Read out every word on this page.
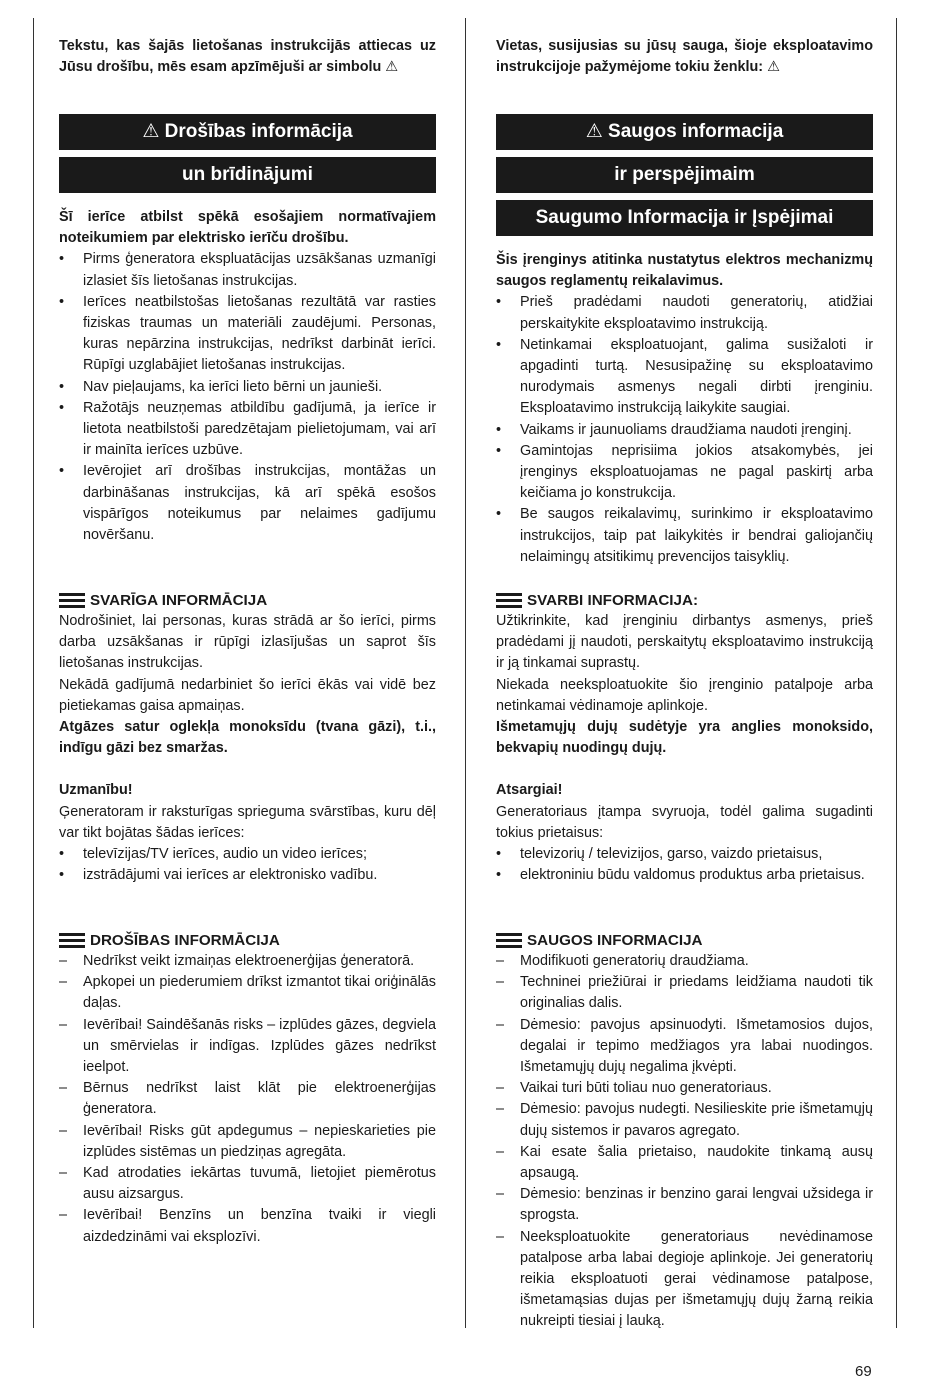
Tekstu, kas šajās lietošanas instrukcijās attiecas uz Jūsu drošību, mēs esam apzīmējuši ar simbolu ⚠

⚠ Drošības informācija
un brīdinājumi

Šī ierīce atbilst spēkā esošajiem normatīvajiem noteikumiem par elektrisko ierīču drošību.

• Pirms ģeneratora ekspluatācijas uzsākšanas uzmanīgi izlasiet šīs lietošanas instrukcijas.
• Ierīces neatbilstošas lietošanas rezultātā var rasties fiziskas traumas un materiāli zaudējumi. Personas, kuras nepārzina instrukcijas, nedrīkst darbināt ierīci. Rūpīgi uzglabājiet lietošanas instrukcijas.
• Nav pieļaujams, ka ierīci lieto bērni un jaunieši.
• Ražotājs neuzņemas atbildību gadījumā, ja ierīce ir lietota neatbilstoši paredzētajam pielietojumam, vai arī ir mainīta ierīces uzbūve.
• Ievērojiet arī drošības instrukcijas, montāžas un darbināšanas instrukcijas, kā arī spēkā esošos vispārīgos noteikumus par nelaimes gadījumu novēršanu.
SVARĪGA INFORMĀCIJA

Nodrošiniet, lai personas, kuras strādā ar šo ierīci, pirms darba uzsākšanas ir rūpīgi izlasījušas un saprot šīs lietošanas instrukcijas.

Nekādā gadījumā nedarbiniet šo ierīci ēkās vai vidē bez pietiekamas gaisa apmaiņas.

Atgāzes satur oglekļa monoksīdu (tvana gāzi), t.i., indīgu gāzi bez smaržas.

Uzmanību!

Ģeneratoram ir raksturīgas sprieguma svārstības, kuru dēļ var tikt bojātas šādas ierīces:

• televīzijas/TV ierīces, audio un video ierīces;
• izstrādājumi vai ierīces ar elektronisko vadību.
DROŠĪBAS INFORMĀCIJA
– Nedrīkst veikt izmaiņas elektroenerģijas ģeneratorā.
– Apkopei un piederumiem drīkst izmantot tikai oriģinālās daļas.
– Ievērībai! Saindēšanās risks – izplūdes gāzes, degviela un smērvielas ir indīgas. Izplūdes gāzes nedrīkst ieelpot.
– Bērnus nedrīkst laist klāt pie elektroenerģijas ģeneratora.
– Ievērībai! Risks gūt apdegumus – nepieskarieties pie izplūdes sistēmas un piedziņas agregāta.
– Kad atrodaties iekārtas tuvumā, lietojiet piemērotus ausu aizsargus.
– Ievērībai! Benzīns un benzīna tvaiki ir viegli aizdedzināmi vai eksplozīvi.

Vietas, susijusias su jūsų sauga, šioje eksploatavimo instrukcijoje pažymėjome tokiu ženklu: ⚠

⚠ Saugos informacija
ir perspėjimaim
Saugumo Informacija ir Įspėjimai

Šis įrenginys atitinka nustatytus elektros mechanizmų saugos reglamentų reikalavimus.

• Prieš pradėdami naudoti generatorių, atidžiai perskaitykite eksploatavimo instrukciją.
• Netinkamai eksploatuojant, galima susižaloti ir apgadinti turtą. Nesusipažinę su eksploatavimo nurodymais asmenys negali dirbti įrenginiu. Eksploatavimo instrukciją laikykite saugiai.
• Vaikams ir jaunuoliams draudžiama naudoti įrenginį.
• Gamintojas neprisiima jokios atsakomybės, jei įrenginys eksploatuojamas ne pagal paskirtį arba keičiama jo konstrukcija.
• Be saugos reikalavimų, surinkimo ir eksploatavimo instrukcijos, taip pat laikykitės ir bendrai galiojančių nelaimingų atsitikimų prevencijos taisyklių.
SVARBI INFORMACIJA:

Užtikrinkite, kad įrenginiu dirbantys asmenys, prieš pradėdami jį naudoti, perskaitytų eksploatavimo instrukciją ir ją tinkamai suprastų.

Niekada neeksploatuokite šio įrenginio patalpoje arba netinkamai vėdinamoje aplinkoje.

Išmetamųjų dujų sudėtyje yra anglies monoksido, bekvapių nuodingų dujų.

Atsargiai!

Generatoriaus įtampa svyruoja, todėl galima sugadinti tokius prietaisus:

• televizorių / televizijos, garso, vaizdo prietaisus,
• elektroniniu būdu valdomus produktus arba prietaisus.
SAUGOS INFORMACIJA
– Modifikuoti generatorių draudžiama.
– Techninei priežiūrai ir priedams leidžiama naudoti tik originalias dalis.
– Dėmesio: pavojus apsinuodyti. Išmetamosios dujos, degalai ir tepimo medžiagos yra labai nuodingos. Išmetamųjų dujų negalima įkvėpti.
– Vaikai turi būti toliau nuo generatoriaus.
– Dėmesio: pavojus nudegti. Nesilieskite prie išmetamųjų dujų sistemos ir pavaros agregato.
– Kai esate šalia prietaiso, naudokite tinkamą ausų apsaugą.
– Dėmesio: benzinas ir benzino garai lengvai užsidega ir sprogsta.
– Neeksploatuokite generatoriaus nevėdinamose patalpose arba labai degioje aplinkoje. Jei generatorių reikia eksploatuoti gerai vėdinamose patalpose, išmetamąsias dujas per išmetamųjų dujų žarną reikia nukreipti tiesiai į lauką.
69
